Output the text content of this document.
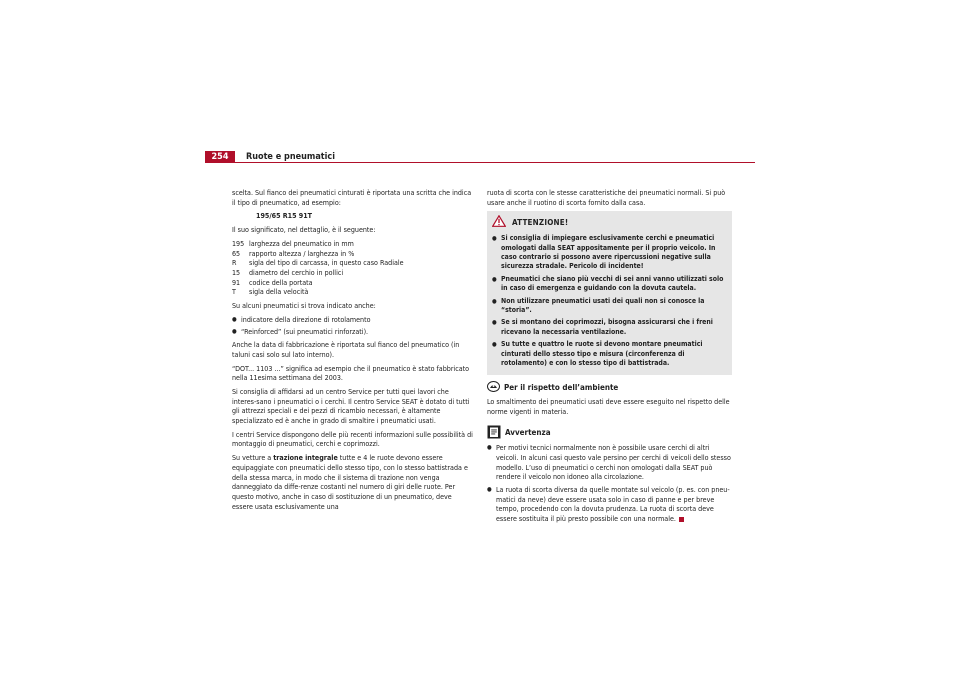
254	Ruote e pneumatici

scelta. Sul fianco dei pneumatici cinturati è riportata una scritta che indica il tipo di pneumatico, ad esempio:

195/65 R15 91T

Il suo significato, nel dettaglio, è il seguente:

195 larghezza del pneumatico in mm
65	rapporto altezza / larghezza in %
R	sigla del tipo di carcassa, in questo caso Radiale
15	diametro del cerchio in pollici
91	codice della portata
T	sigla della velocità

Su alcuni pneumatici si trova indicato anche:

● indicatore della direzione di rotolamento

● “Reinforced” (sui pneumatici rinforzati).

Anche la data di fabbricazione è riportata sul fianco del pneumatico (in taluni casi solo sul lato interno).

“DOT... 1103 ...” significa ad esempio che il pneumatico è stato fabbricato nella 11esima settimana del 2003.

Si consiglia di affidarsi ad un centro Service per tutti quei lavori che interes-sano i pneumatici o i cerchi. Il centro Service SEAT è dotato di tutti gli attrezzi speciali e dei pezzi di ricambio necessari, è altamente specializzato ed è anche in grado di smaltire i pneumatici usati.

I centri Service dispongono delle più recenti informazioni sulle possibilità di montaggio di pneumatici, cerchi e coprimozzi.

Su vetture a trazione integrale tutte e 4 le ruote devono essere equipaggiate con pneumatici dello stesso tipo, con lo stesso battistrada e della stessa marca, in modo che il sistema di trazione non venga danneggiato da diffe-renze costanti nel numero di giri delle ruote. Per questo motivo, anche in caso di sostituzione di un pneumatico, deve essere usata esclusivamente una

ruota di scorta con le stesse caratteristiche dei pneumatici normali. Si può usare anche il ruotino di scorta fornito dalla casa.

ATTENZIONE!

● Si consiglia di impiegare esclusivamente cerchi e pneumatici omologati dalla SEAT appositamente per il proprio veicolo. In caso contrario si possono avere ripercussioni negative sulla sicurezza stradale. Pericolo di incidente!

● Pneumatici che siano più vecchi di sei anni vanno utilizzati solo in caso di emergenza e guidando con la dovuta cautela.

● Non utilizzare pneumatici usati dei quali non si conosce la “storia”.

● Se si montano dei coprimozzi, bisogna assicurarsi che i freni ricevano la necessaria ventilazione.

● Su tutte e quattro le ruote si devono montare pneumatici cinturati dello stesso tipo e misura (circonferenza di rotolamento) e con lo stesso tipo di battistrada.

Per il rispetto dell’ambiente

Lo smaltimento dei pneumatici usati deve essere eseguito nel rispetto delle norme vigenti in materia.

Avvertenza

● Per motivi tecnici normalmente non è possibile usare cerchi di altri veicoli. In alcuni casi questo vale persino per cerchi di veicoli dello stesso modello. L’uso di pneumatici o cerchi non omologati dalla SEAT può rendere il veicolo non idoneo alla circolazione.

● La ruota di scorta diversa da quelle montate sul veicolo (p. es. con pneu-matici da neve) deve essere usata solo in caso di panne e per breve tempo, procedendo con la dovuta prudenza. La ruota di scorta deve essere sostituita il più presto possibile con una normale.
